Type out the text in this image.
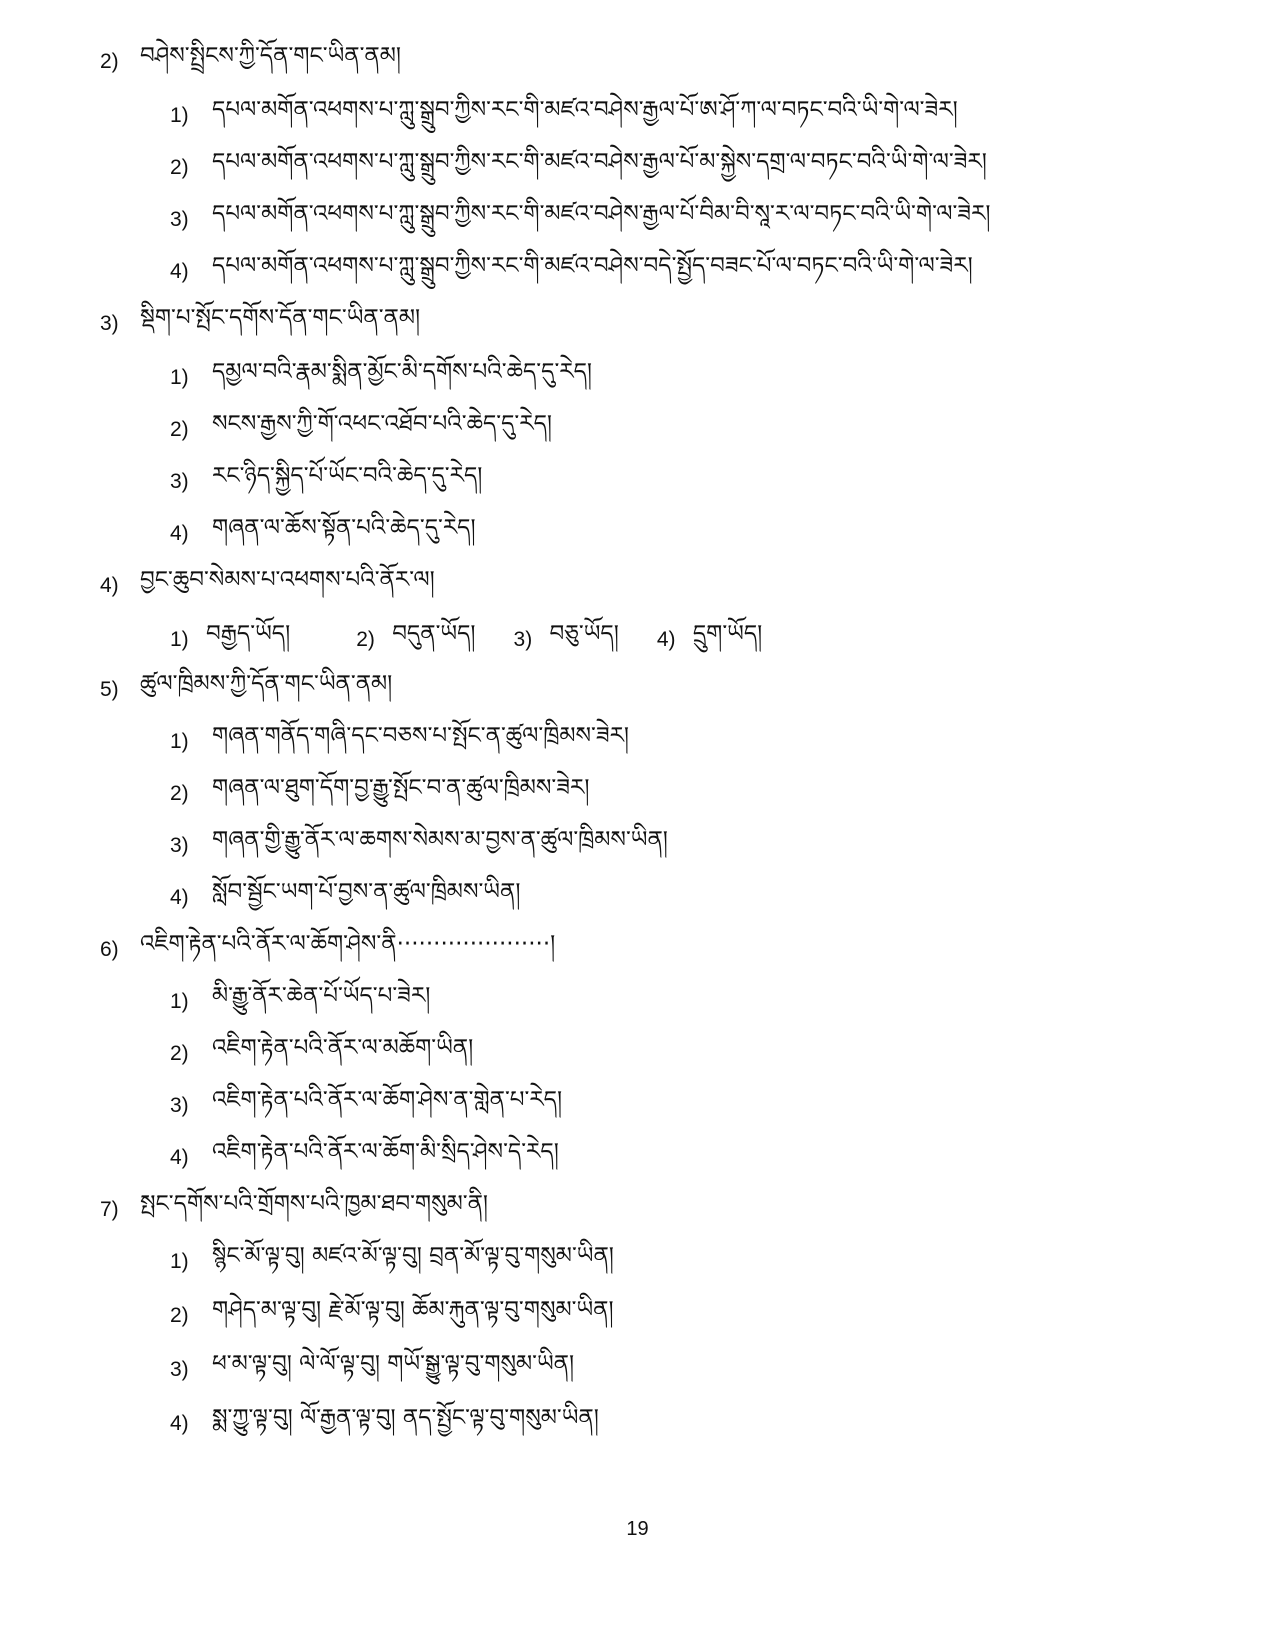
2) བཤེས་སྤྲིངས་ཀྱི་དོན་གང་ཡིན་ནམ།
1)	དཔལ་མགོན་འཕགས་པ་ཀླུ་སྒྲུབ་ཀྱིས་རང་གི་མཛའ་བཤེས་རྒྱལ་པོ་ཨ་ཤོ་ཀ་ལ་བཏང་བའི་ཡི་གེ་ལ་ཟེར།
2)	དཔལ་མགོན་འཕགས་པ་ཀླུ་སྒྲུབ་ཀྱིས་རང་གི་མཛའ་བཤེས་རྒྱལ་པོ་མ་སྐྱེས་དགྲ་ལ་བཏང་བའི་ཡི་གེ་ལ་ཟེར།
3)	དཔལ་མགོན་འཕགས་པ་ཀླུ་སྒྲུབ་ཀྱིས་རང་གི་མཛའ་བཤེས་རྒྱལ་པོ་བིམ་བི་སཱ་ར་ལ་བཏང་བའི་ཡི་གེ་ལ་ཟེར།
4)	དཔལ་མགོན་འཕགས་པ་ཀླུ་སྒྲུབ་ཀྱིས་རང་གི་མཛའ་བཤེས་བདེ་སྤྱོད་བཟང་པོ་ལ་བཏང་བའི་ཡི་གེ་ལ་ཟེར།
3) སྡིག་པ་སྤོང་དགོས་དོན་གང་ཡིན་ནམ།
1)	དམྱལ་བའི་རྣམ་སྨིན་མྱོང་མི་དགོས་པའི་ཆེད་དུ་རེད།
2)	སངས་རྒྱས་ཀྱི་གོ་འཕང་འཐོབ་པའི་ཆེད་དུ་རེད།
3)	རང་ཉིད་སྐྱིད་པོ་ཡོང་བའི་ཆེད་དུ་རེད།
4)	གཞན་ལ་ཆོས་སྟོན་པའི་ཆེད་དུ་རེད།
4) བྱང་ཆུབ་སེམས་པ་འཕགས་པའི་ནོར་ལ།
1) བརྒྱད་ཡོད།	2) བདུན་ཡོད། 3) བཅུ་ཡོད། 4) དྲུག་ཡོད།
5) ཚུལ་ཁྲིམས་ཀྱི་དོན་གང་ཡིན་ནམ།
1)	གཞན་གནོད་གཞི་དང་བཅས་པ་སྤོང་ན་ཚུལ་ཁྲིམས་ཟེར།
2)	གཞན་ལ་ཐུག་དོག་བྱ་རྒྱུ་སྤོང་བ་ན་ཚུལ་ཁྲིམས་ཟེར།
3)	གཞན་གྱི་རྒྱུ་ནོར་ལ་ཆགས་སེམས་མ་བྱས་ན་ཚུལ་ཁྲིམས་ཡིན།
4)	སློབ་སྦྱོང་ཡག་པོ་བྱས་ན་ཚུལ་ཁྲིམས་ཡིན།
6) འཇིག་རྟེན་པའི་ནོར་ལ་ཆོག་ཤེས་ནི ·····················།
1)	མི་རྒྱུ་ནོར་ཆེན་པོ་ཡོད་པ་ཟེར།
2)	འཇིག་རྟེན་པའི་ནོར་ལ་མཆོག་ཡིན།
3)	འཇིག་རྟེན་པའི་ནོར་ལ་ཆོག་ཤེས་ན་གླེན་པ་རེད།
4)	འཇིག་རྟེན་པའི་ནོར་ལ་ཆོག་མི་སྲིད་ཤེས་དེ་རེད།
7) སྤང་དགོས་པའི་གྲོགས་པའི་ཁྱམ་ཐབ་གསུམ་ནི།
1)	སྙིང་མོ་ལྟ་བུ། མཛའ་མོ་ལྟ་བུ། བྲན་མོ་ལྟ་བུ་གསུམ་ཡིན།
2)	གཤེད་མ་ལྟ་བུ། རྗེ་མོ་ལྟ་བུ། ཆོམ་རྐུན་ལྟ་བུ་གསུམ་ཡིན།
3)	ཕ་མ་ལྟ་བུ། ལེ་ལོ་ལྟ་བུ། གཡོ་སྒྱུ་ལྟ་བུ་གསུམ་ཡིན།
4)	སྨ་ཀྱུ་ལྟ་བུ། ལོ་རྒྱན་ལྟ་བུ། ནད་སྤྱོང་ལྟ་བུ་གསུམ་ཡིན།
19
